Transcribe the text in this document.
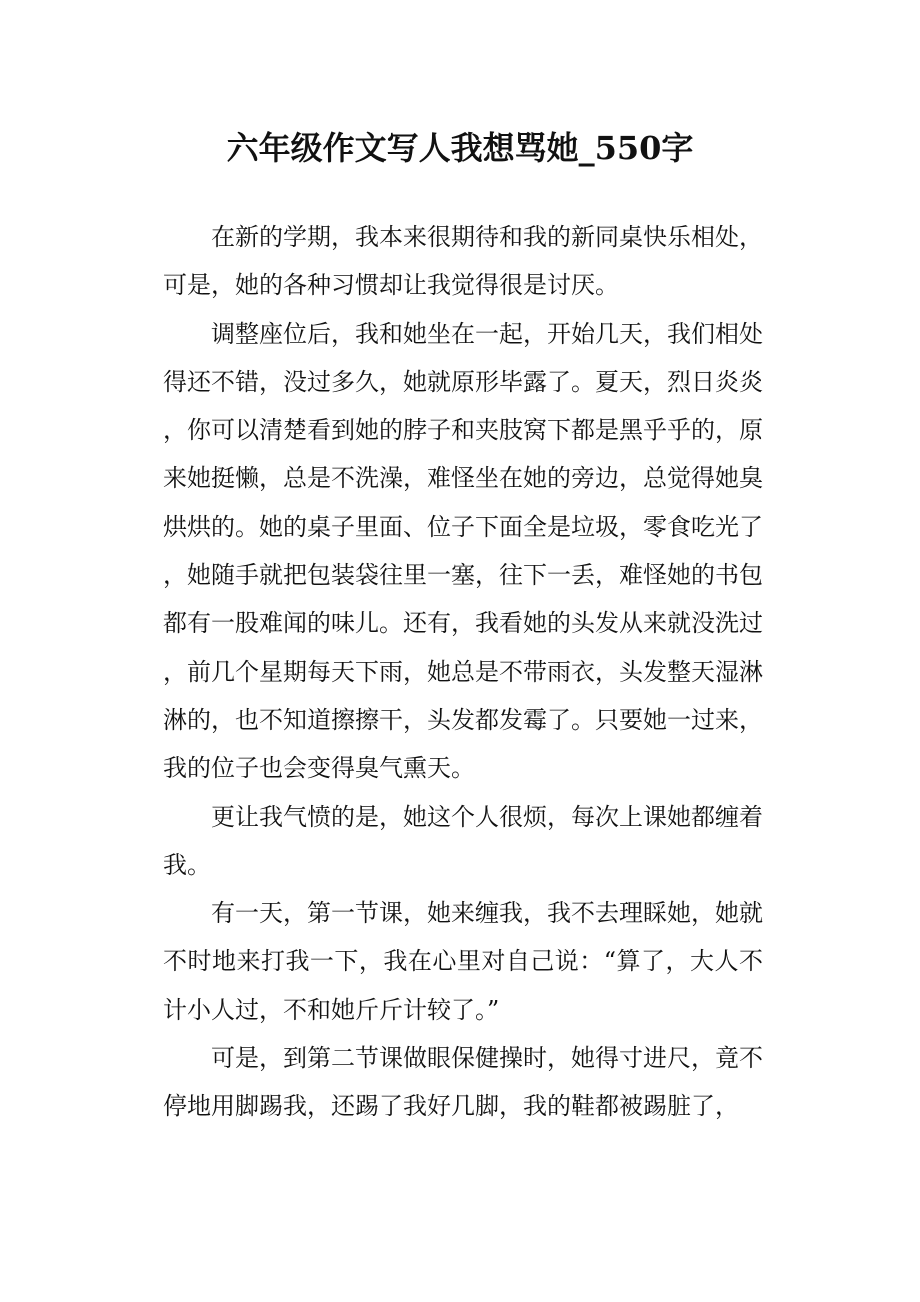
六年级作文写人我想骂她_550字

在新的学期，我本来很期待和我的新同桌快乐相处，可是，她的各种习惯却让我觉得很是讨厌。

调整座位后，我和她坐在一起，开始几天，我们相处得还不错，没过多久，她就原形毕露了。夏天，烈日炎炎，你可以清楚看到她的脖子和夹肢窝下都是黑乎乎的，原来她挺懒，总是不洗澡，难怪坐在她的旁边，总觉得她臭烘烘的。她的桌子里面、位子下面全是垃圾，零食吃光了，她随手就把包装袋往里一塞，往下一丢，难怪她的书包都有一股难闻的味儿。还有，我看她的头发从来就没洗过，前几个星期每天下雨，她总是不带雨衣，头发整天湿淋淋的，也不知道擦擦干，头发都发霉了。只要她一过来，我的位子也会变得臭气熏天。

更让我气愤的是，她这个人很烦，每次上课她都缠着我。

有一天，第一节课，她来缠我，我不去理睬她，她就不时地来打我一下，我在心里对自己说：“算了，大人不计小人过，不和她斤斤计较了。”

可是，到第二节课做眼保健操时，她得寸进尺，竟不停地用脚踢我，还踢了我好几脚，我的鞋都被踢脏了，
